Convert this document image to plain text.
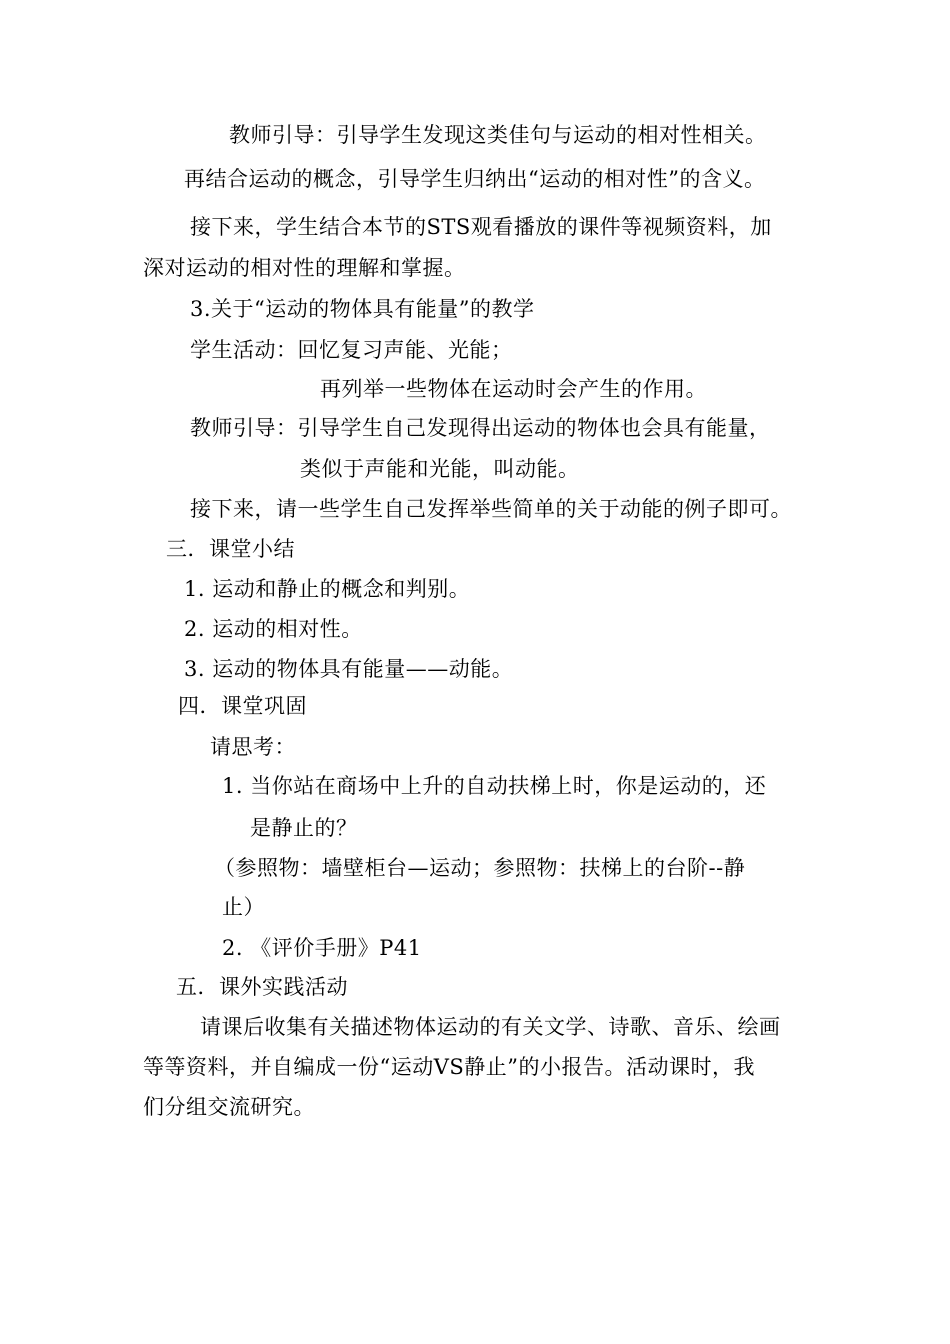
教师引导：引导学生发现这类佳句与运动的相对性相关。
再结合运动的概念，引导学生归纳出“运动的相对性”的含义。
接下来，学生结合本节的STS观看播放的课件等视频资料，加
深对运动的相对性的理解和掌握。
3.关于“运动的物体具有能量”的教学
学生活动：回忆复习声能、光能；
再列举一些物体在运动时会产生的作用。
教师引导：引导学生自己发现得出运动的物体也会具有能量，
类似于声能和光能，叫动能。
接下来，请一些学生自己发挥举些简单的关于动能的例子即可。
三．课堂小结
1. 运动和静止的概念和判别。
2. 运动的相对性。
3. 运动的物体具有能量——动能。
四．课堂巩固
请思考：
1. 当你站在商场中上升的自动扶梯上时，你是运动的，还
是静止的？
（参照物：墙壁柜台—运动；参照物：扶梯上的台阶--静
止）
2. 《评价手册》P41
五．课外实践活动
请课后收集有关描述物体运动的有关文学、诗歌、音乐、绘画
等等资料，并自编成一份“运动VS静止”的小报告。活动课时，我
们分组交流研究。
